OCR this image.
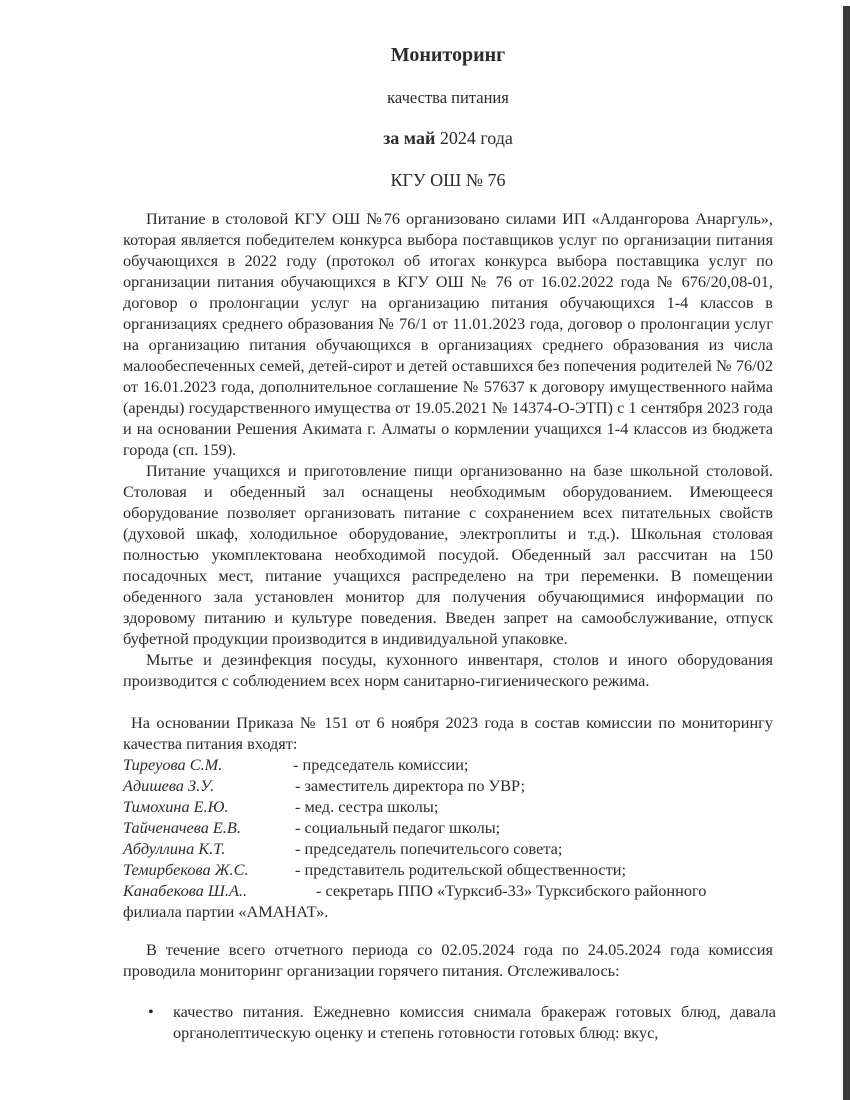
Мониторинг
качества питания
за май 2024 года
КГУ ОШ № 76

Питание в столовой КГУ ОШ №76 организовано силами ИП «Алдангорова Анаргуль», которая является победителем конкурса выбора поставщиков услуг по организации питания обучающихся в 2022 году (протокол об итогах конкурса выбора поставщика услуг по организации питания обучающихся в КГУ ОШ № 76 от 16.02.2022 года № 676/20,08-01, договор о пролонгации услуг на организацию питания обучающихся 1-4 классов в организациях среднего образования № 76/1 от 11.01.2023 года, договор о пролонгации услуг на организацию питания обучающихся в организациях среднего образования из числа малообеспеченных семей, детей-сирот и детей оставшихся без попечения родителей № 76/02 от 16.01.2023 года, дополнительное соглашение № 57637 к договору имущественного найма (аренды) государственного имущества от 19.05.2021 № 14374-О-ЭТП) с 1 сентября 2023 года и на основании Решения Акимата г. Алматы о кормлении учащихся 1-4 классов из бюджета города (сп. 159).

Питание учащихся и приготовление пищи организованно на базе школьной столовой. Столовая и обеденный зал оснащены необходимым оборудованием. Имеющееся оборудование позволяет организовать питание с сохранением всех питательных свойств (духовой шкаф, холодильное оборудование, электроплиты и т.д.). Школьная столовая полностью укомплектована необходимой посудой. Обеденный зал рассчитан на 150 посадочных мест, питание учащихся распределено на три переменки. В помещении обеденного зала установлен монитор для получения обучающимися информации по здоровому питанию и культуре поведения. Введен запрет на самообслуживание, отпуск буфетной продукции производится в индивидуальной упаковке.

Мытье и дезинфекция посуды, кухонного инвентаря, столов и иного оборудования производится с соблюдением всех норм санитарно-гигиенического режима.

На основании Приказа № 151 от 6 ноября 2023 года в состав комиссии по мониторингу качества питания входят:

Тиреуова С.М.	- председатель комиссии;
Адишева З.У.	- заместитель директора по УВР;
Тимохина Е.Ю.	- мед. сестра школы;
Тайченачева Е.В.	- социальный педагог школы;
Абдуллина К.Т.	- председатель попечительсого совета;
Темирбекова Ж.С.	- представитель родительской общественности;
Канабекова Ш.А..	- секретарь ППО «Турксиб-33» Турксибского районного
филиала партии «АМАНАТ».

В течение всего отчетного периода со 02.05.2024 года по 24.05.2024 года комиссия проводила мониторинг организации горячего питания. Отслеживалось:

•	качество питания. Ежедневно комиссия снимала бракераж готовых блюд, давала органолептическую оценку и степень готовности готовых блюд: вкус,
